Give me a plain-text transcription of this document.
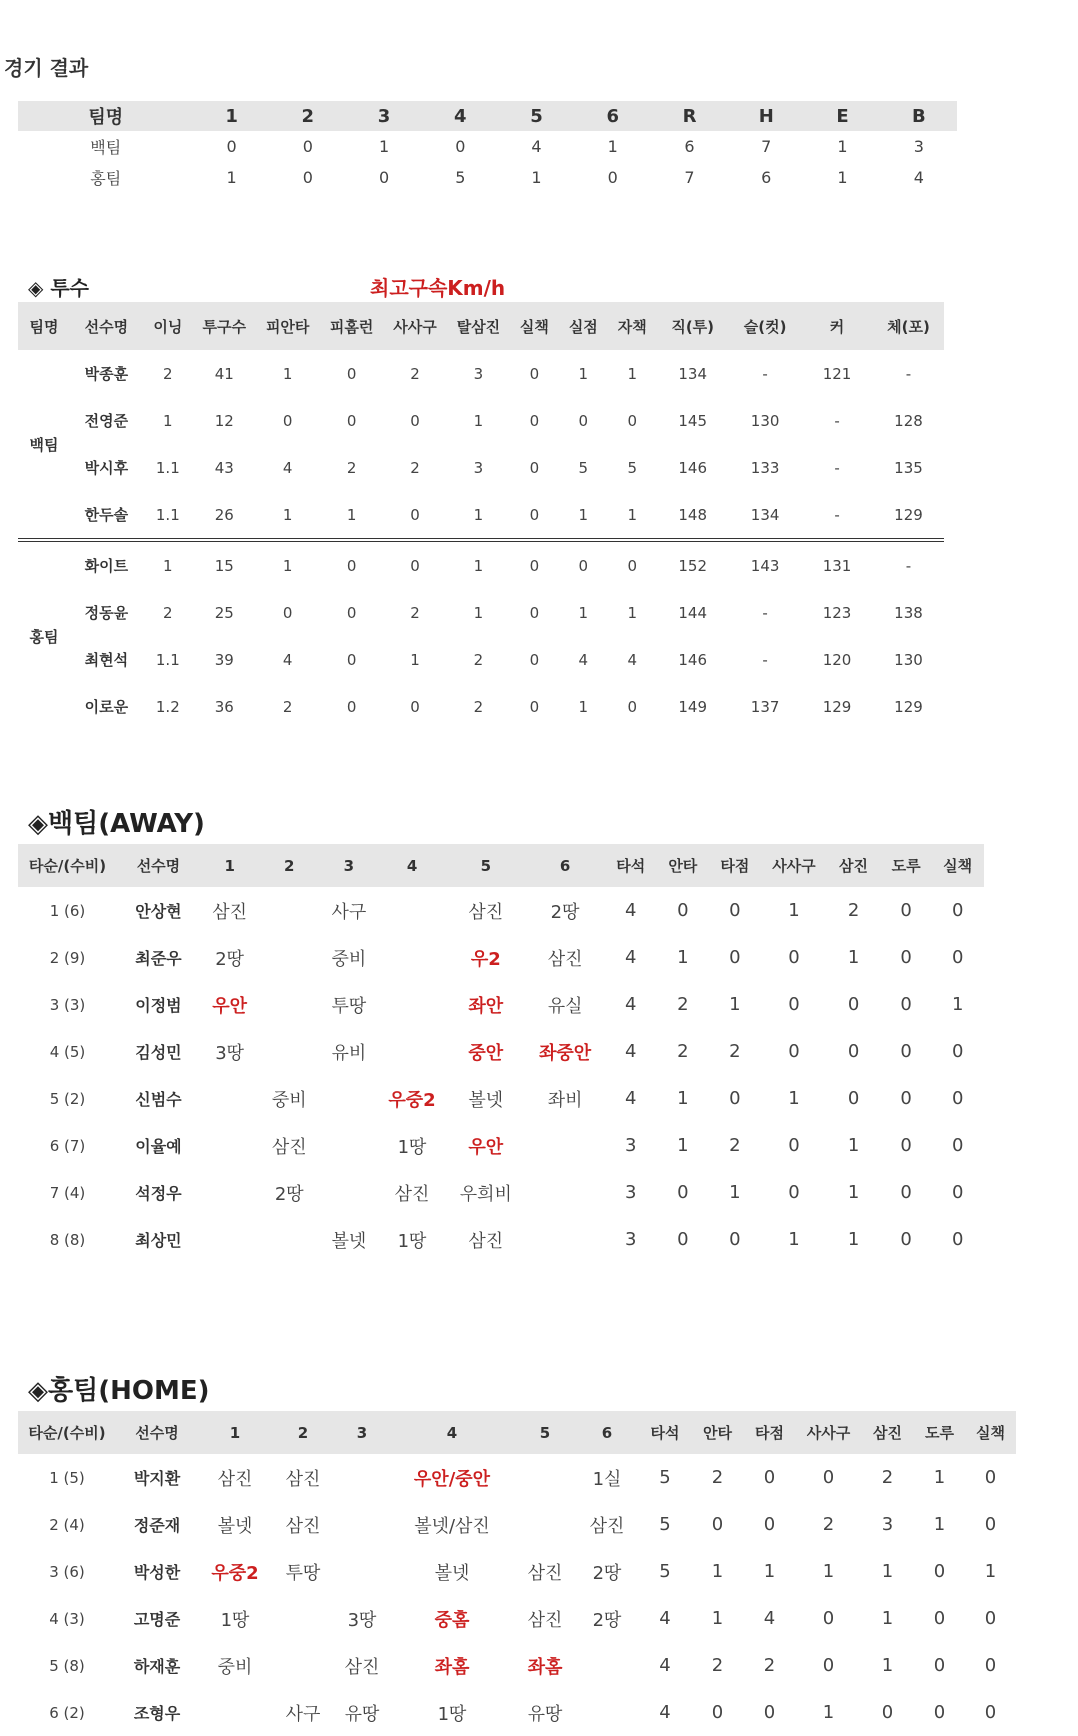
경기 결과
팀명	1	2	3	4	5	6	R	H	E	B
백팀	0	0	1	0	4	1	6	7	1	3
홍팀	1	0	0	5	1	0	7	6	1	4
◈ 투수	최고구속Km/h
팀명	선수명	이닝	투구수	피안타	피홈런	사사구	탈삼진	실책	실점	자책	직(투)	슬(컷)	커	체(포)
백팀	박종훈	2	41	1	0	2	3	0	1	1	134	-	121	-
	전영준	1	12	0	0	0	1	0	0	0	145	130	-	128
	박시후	1.1	43	4	2	2	3	0	5	5	146	133	-	135
	한두솔	1.1	26	1	1	0	1	0	1	1	148	134	-	129
홍팀	화이트	1	15	1	0	0	1	0	0	0	152	143	131	-
	정동윤	2	25	0	0	2	1	0	1	1	144	-	123	138
	최현석	1.1	39	4	0	1	2	0	4	4	146	-	120	130
	이로운	1.2	36	2	0	0	2	0	1	0	149	137	129	129
◈백팀(AWAY)
타순/(수비)	선수명	1	2	3	4	5	6	타석	안타	타점	사사구	삼진	도루	실책
1 (6)	안상현	삼진		사구		삼진	2땅	4	0	0	1	2	0	0
2 (9)	최준우	2땅		중비		우2	삼진	4	1	0	0	1	0	0
3 (3)	이정범	우안		투땅		좌안	유실	4	2	1	0	0	0	1
4 (5)	김성민	3땅		유비		중안	좌중안	4	2	2	0	0	0	0
5 (2)	신범수		중비		우중2	볼넷	좌비	4	1	0	1	0	0	0
6 (7)	이율예		삼진		1땅	우안		3	1	2	0	1	0	0
7 (4)	석정우		2땅		삼진	우희비		3	0	1	0	1	0	0
8 (8)	최상민			볼넷	1땅	삼진		3	0	0	1	1	0	0
◈홍팀(HOME)
타순/(수비)	선수명	1	2	3	4	5	6	타석	안타	타점	사사구	삼진	도루	실책
1 (5)	박지환	삼진	삼진		우안/중안		1실	5	2	0	0	2	1	0
2 (4)	정준재	볼넷	삼진		볼넷/삼진		삼진	5	0	0	2	3	1	0
3 (6)	박성한	우중2	투땅		볼넷	삼진	2땅	5	1	1	1	1	0	1
4 (3)	고명준	1땅		3땅	중홈	삼진	2땅	4	1	4	0	1	0	0
5 (8)	하재훈	중비		삼진	좌홈	좌홈		4	2	2	0	1	0	0
6 (2)	조형우		사구	유땅	1땅	유땅		4	0	0	1	0	0	0
